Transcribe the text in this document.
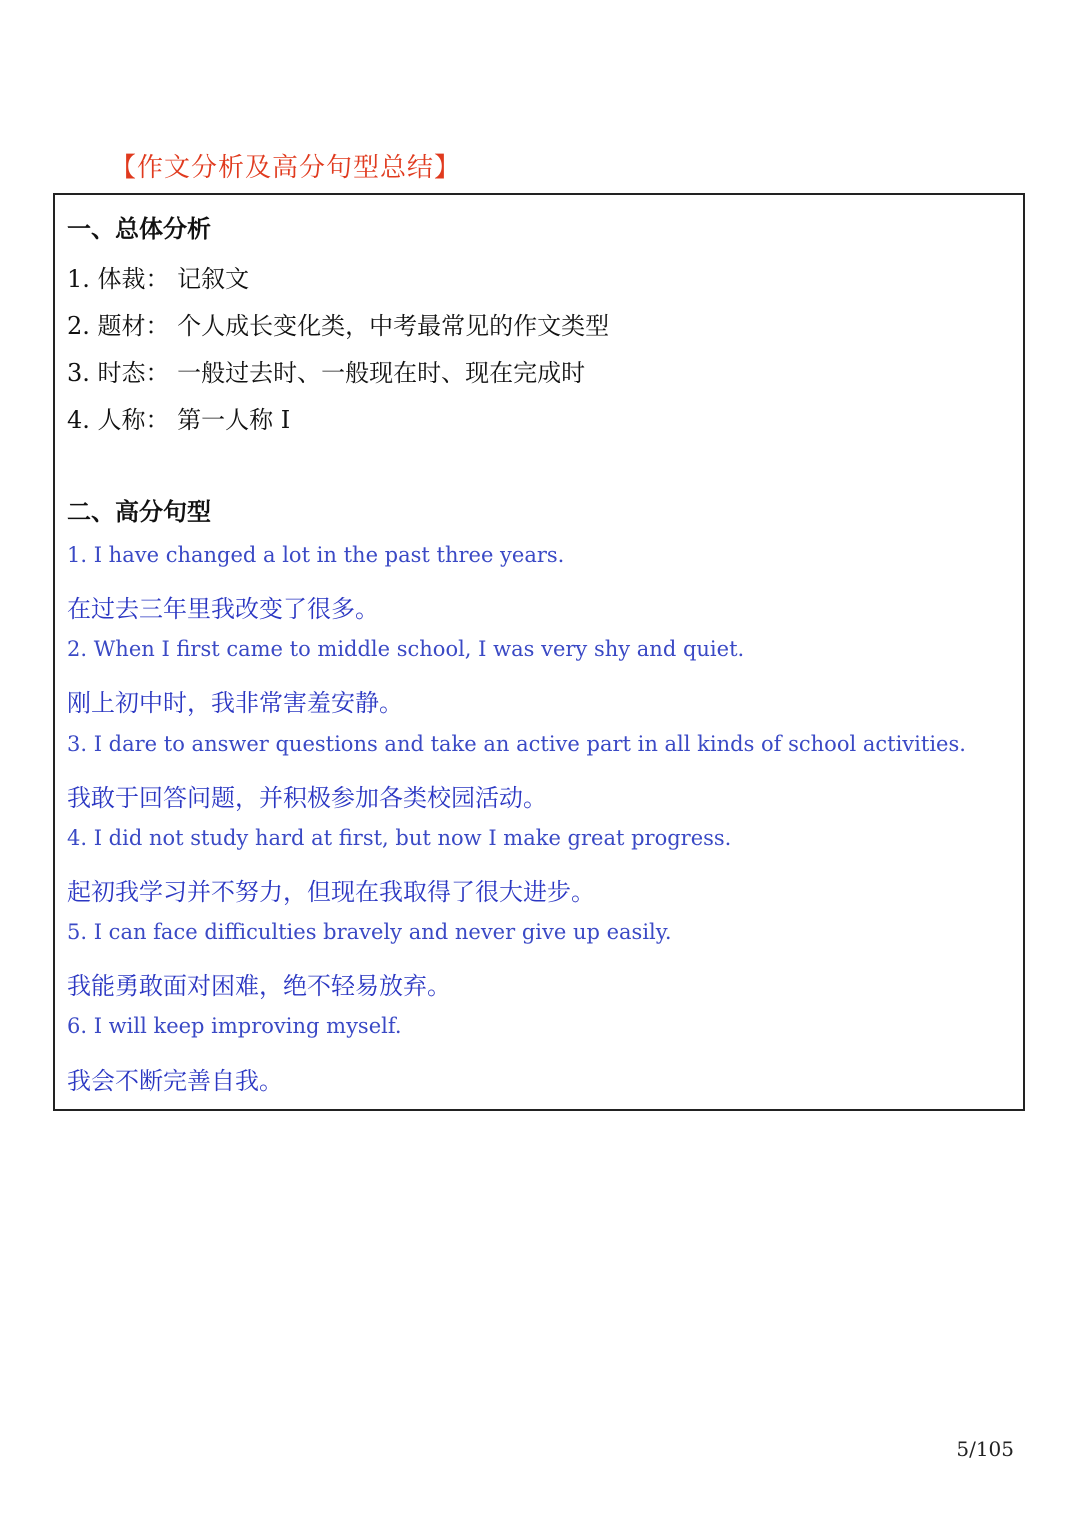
【作文分析及高分句型总结】
一、总体分析
1. 体裁： 记叙文
2. 题材： 个人成长变化类，中考最常见的作文类型
3. 时态： 一般过去时、一般现在时、现在完成时
4. 人称： 第一人称 I
二、高分句型
1. I have changed a lot in the past three years.
在过去三年里我改变了很多。
2. When I first came to middle school, I was very shy and quiet.
刚上初中时，我非常害羞安静。
3. I dare to answer questions and take an active part in all kinds of school activities.
我敢于回答问题，并积极参加各类校园活动。
4. I did not study hard at first, but now I make great progress.
起初我学习并不努力，但现在我取得了很大进步。
5. I can face difficulties bravely and never give up easily.
我能勇敢面对困难，绝不轻易放弃。
6. I will keep improving myself.
我会不断完善自我。
5/105
